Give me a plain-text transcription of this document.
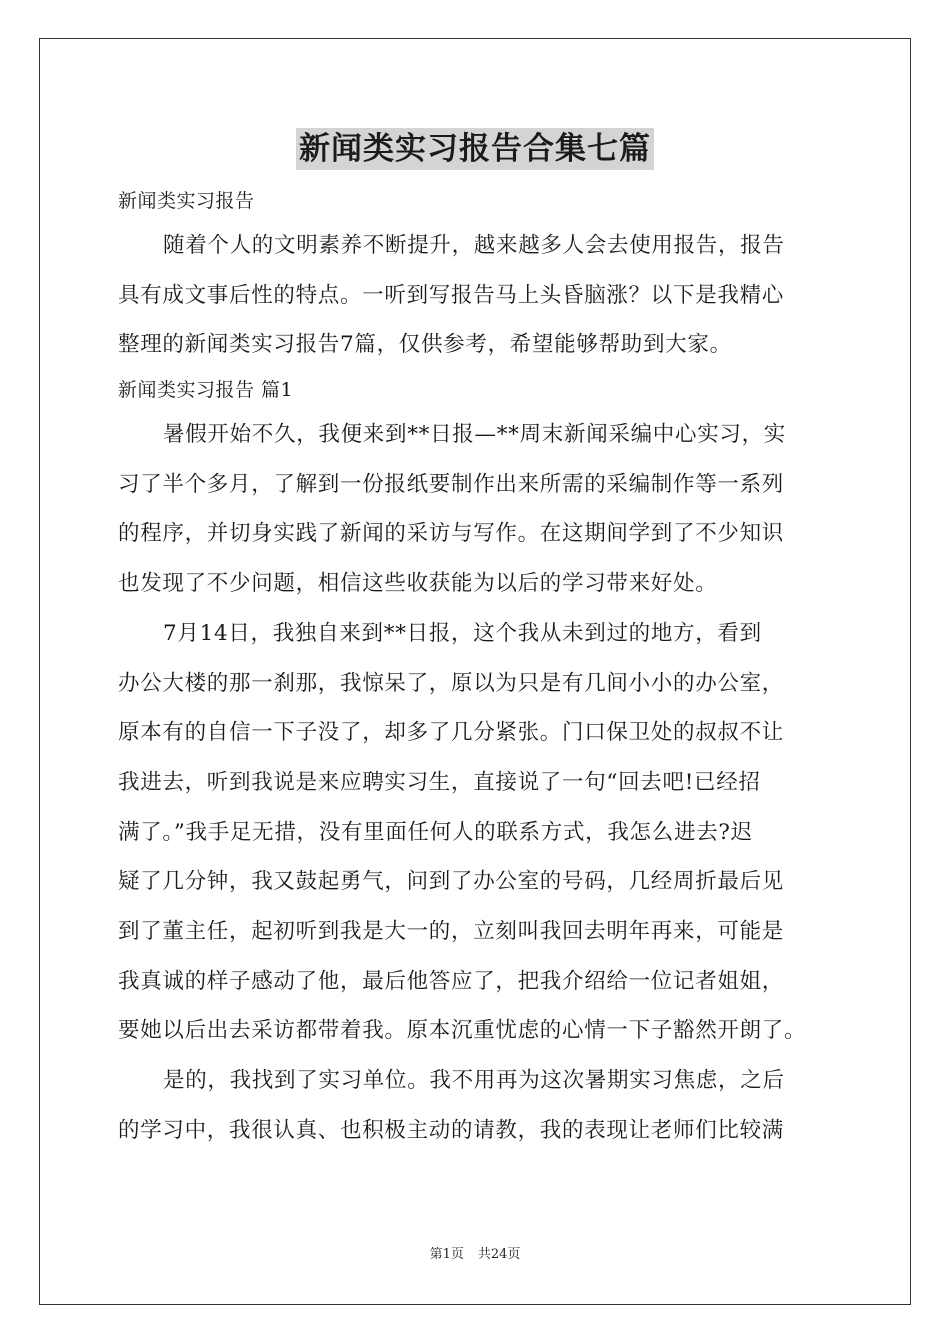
新闻类实习报告合集七篇
新闻类实习报告
随着个人的文明素养不断提升，越来越多人会去使用报告，报告
具有成文事后性的特点。一听到写报告马上头昏脑涨？以下是我精心
整理的新闻类实习报告7篇，仅供参考，希望能够帮助到大家。
新闻类实习报告 篇1
暑假开始不久，我便来到**日报—**周末新闻采编中心实习，实
习了半个多月，了解到一份报纸要制作出来所需的采编制作等一系列
的程序，并切身实践了新闻的采访与写作。在这期间学到了不少知识
也发现了不少问题，相信这些收获能为以后的学习带来好处。
7月14日，我独自来到**日报，这个我从未到过的地方，看到
办公大楼的那一刹那，我惊呆了，原以为只是有几间小小的办公室，
原本有的自信一下子没了，却多了几分紧张。门口保卫处的叔叔不让
我进去，听到我说是来应聘实习生，直接说了一句“回去吧!已经招
满了。”我手足无措，没有里面任何人的联系方式，我怎么进去?迟
疑了几分钟，我又鼓起勇气，问到了办公室的号码，几经周折最后见
到了董主任，起初听到我是大一的，立刻叫我回去明年再来，可能是
我真诚的样子感动了他，最后他答应了，把我介绍给一位记者姐姐，
要她以后出去采访都带着我。原本沉重忧虑的心情一下子豁然开朗了。
是的，我找到了实习单位。我不用再为这次暑期实习焦虑，之后
的学习中，我很认真、也积极主动的请教，我的表现让老师们比较满
第1页 共24页
